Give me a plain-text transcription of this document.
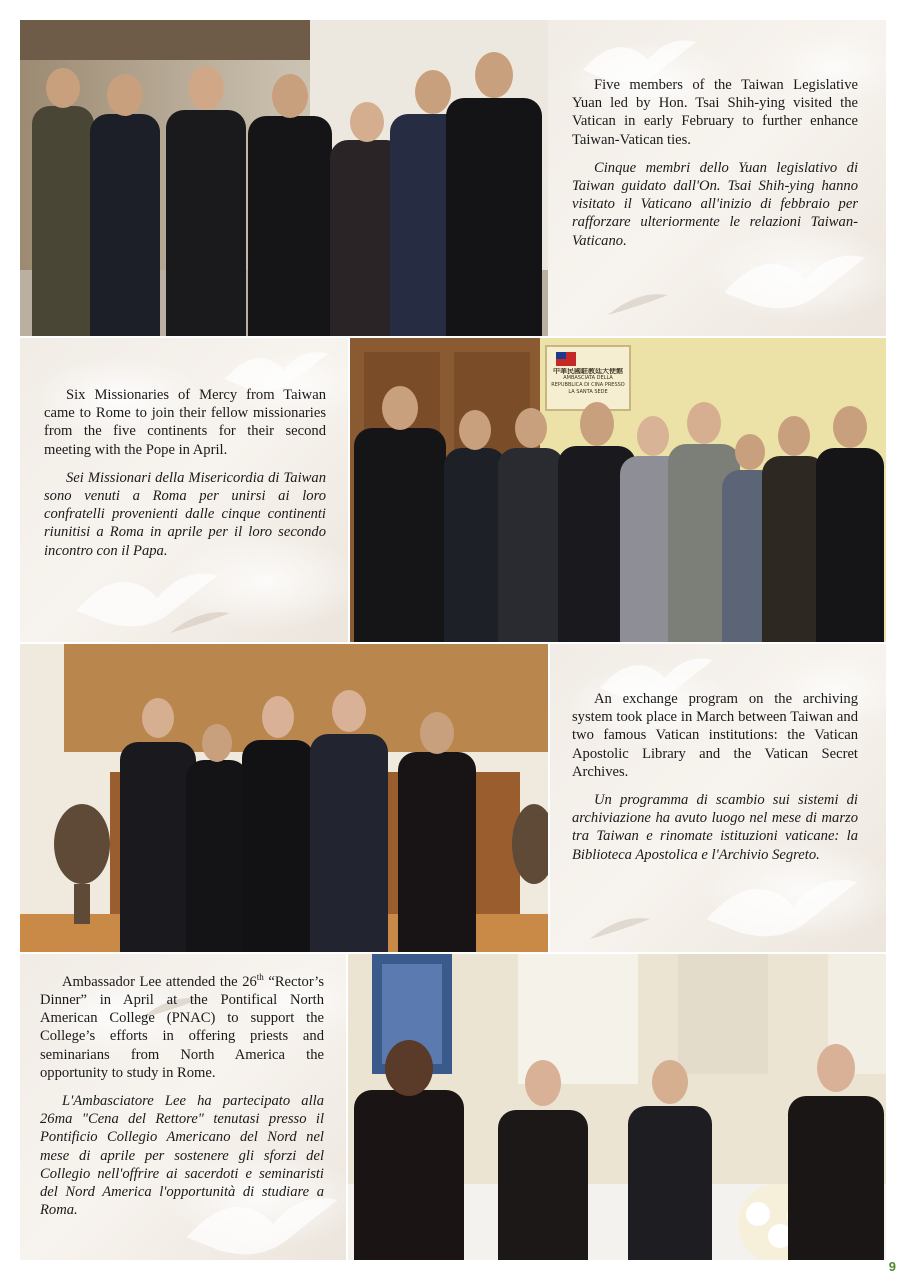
Five members of the Taiwan Legislative Yuan led by Hon. Tsai Shih-ying visited the Vatican in early February to further enhance Taiwan-Vatican ties.

Cinque membri dello Yuan legislativo di Taiwan guidato dall'On. Tsai Shih-ying hanno visitato il Vaticano all'inizio di febbraio per rafforzare ulteriormente le relazioni Taiwan-Vaticano.

Six Missionaries of Mercy from Taiwan came to Rome to join their fellow missionaries from the five continents for their second meeting with the Pope in April.

Sei Missionari della Misericordia di Taiwan sono venuti a Roma per unirsi ai loro confratelli provenienti dalle cinque continenti riunitisi a Roma in aprile per il loro secondo incontro con il Papa.

中華民國駐教廷大使館
AMBASCIATA DELLA REPUBBLICA DI CINA PRESSO LA SANTA SEDE

An exchange program on the archiving system took place in March between Taiwan and two famous Vatican institutions: the Vatican Apostolic Library and the Vatican Secret Archives.

Un programma di scambio sui sistemi di archiviazione ha avuto luogo nel mese di marzo tra Taiwan e rinomate istituzioni vaticane: la Biblioteca Apostolica e l'Archivio Segreto.

Ambassador Lee attended the 26th “Rector’s Dinner” in April at the Pontifical North American College (PNAC) to support the College’s efforts in offering priests and seminarians from North America the opportunity to study in Rome.

L'Ambasciatore Lee ha partecipato alla 26ma "Cena del Rettore" tenutasi presso il Pontificio Collegio Americano del Nord nel mese di aprile per sostenere gli sforzi del Collegio nell'offrire ai sacerdoti e seminaristi del Nord America l'opportunità di studiare a Roma.

9
